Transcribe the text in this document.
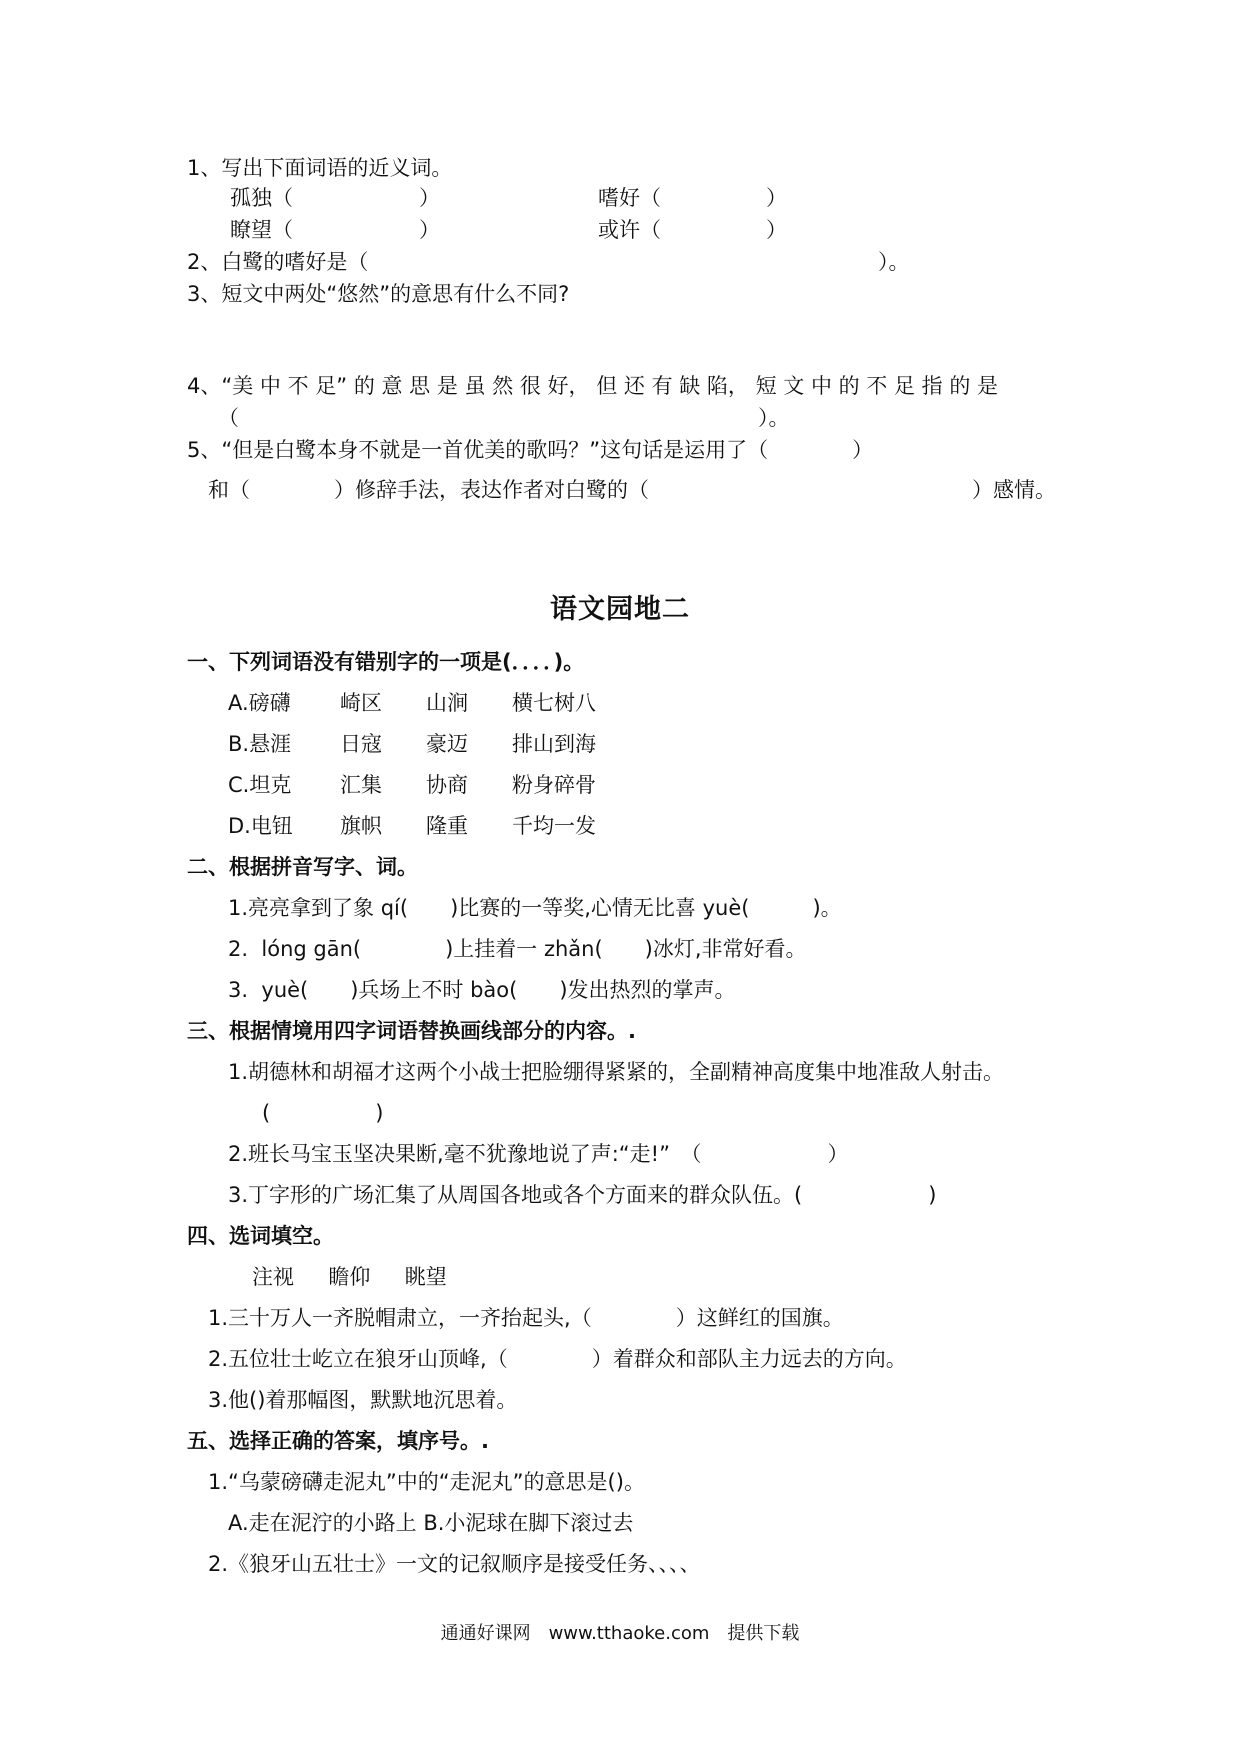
1、写出下面词语的近义词。
孤独（　　　　　　）	嗜好（　　　　　）
瞭望（　　　　　　）	或许（　　　　　）
2、白鹭的嗜好是（	）。
3、短文中两处“悠然”的意思有什么不同?
4、“美 中 不 足” 的 意 思 是 虽 然 很 好， 但 还 有 缺 陷， 短 文 中 的 不 足 指 的 是
（	）。
5、“但是白鹭本身不就是一首优美的歌吗？”这句话是运用了（　　　　）
和（　　　　）修辞手法，表达作者对白鹭的（	）感情。
语文园地二
一、下列词语没有错别字的一项是(．．．．)。
A.磅礴 崎区 山涧 横七树八
B.悬涯 日寇 豪迈 排山到海
C.坦克 汇集 协商 粉身碎骨
D.电钮 旗帜 隆重 千均一发
二、根据拼音写字、词。
1.亮亮拿到了象 qí(　　)比赛的一等奖,心情无比喜 yuè(　　　)。
2.  lóng gān(　　　　)上挂着一 zhǎn(　　)冰灯,非常好看。
3.  yuè(　　)兵场上不时 bào(　　)发出热烈的掌声。
三、根据情境用四字词语替换画线部分的内容。.
1.胡德林和胡福才这两个小战士把脸绷得紧紧的，全副精神高度集中地准敌人射击。
(　　　　　)
2.班长马宝玉坚决果断,毫不犹豫地说了声:“走!”　（　　　　　　）
3.丁字形的广场汇集了从周国各地或各个方面来的群众队伍。(　　　　　　)
四、选词填空。
注视　  瞻仰　  眺望
1.三十万人一齐脱帽肃立，一齐抬起头,（　　　　）这鲜红的国旗。
2.五位壮士屹立在狼牙山顶峰,（　　　　）着群众和部队主力远去的方向。
3.他()着那幅图，默默地沉思着。
五、选择正确的答案，填序号。.
1.“乌蒙磅礴走泥丸”中的“走泥丸”的意思是()。
A.走在泥泞的小路上 B.小泥球在脚下滚过去
2.《狼牙山五壮士》一文的记叙顺序是接受任务、、、、
通通好课网　www.tthaoke.com　提供下载
